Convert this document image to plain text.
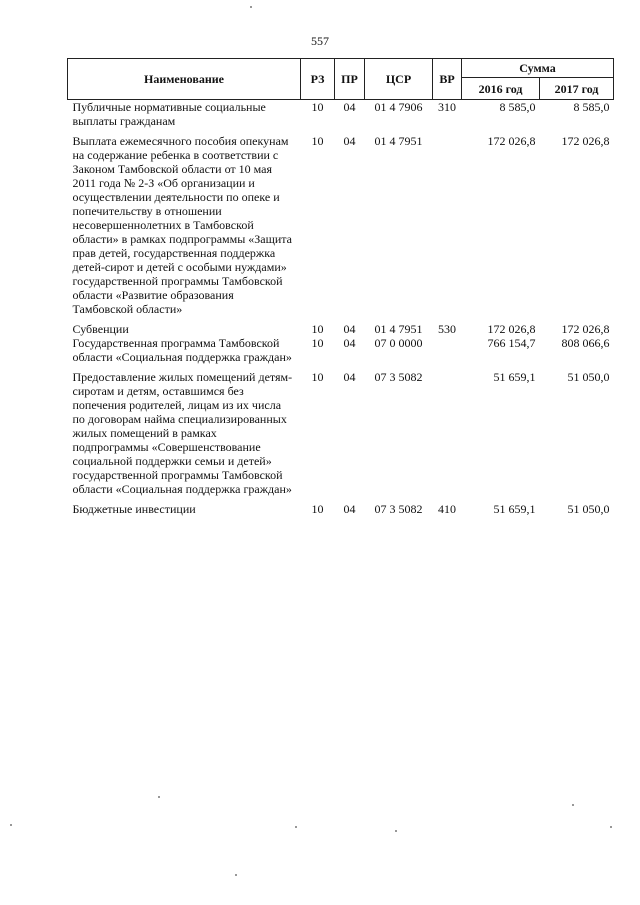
557
Наименование	РЗ	ПР	ЦСР	ВР	Сумма	
					2016 год	2017 год
Публичные нормативные социальные выплаты гражданам	10	04	01 4 7906	310	8 585,0	8 585,0

Выплата ежемесячного пособия опекунам на содержание ребенка в соответствии с Законом Тамбовской области от 10 мая 2011 года № 2-З «Об организации и осуществлении деятельности по опеке и попечительству в отношении несовершеннолетних в Тамбовской области» в рамках подпрограммы «Защита прав детей, государственная поддержка детей-сирот и детей с особыми нуждами» государственной программы Тамбовской области «Развитие образования Тамбовской области»	10	04	01 4 7951		172 026,8	172 026,8

Субвенции	10	04	01 4 7951	530	172 026,8	172 026,8
Государственная программа Тамбовской области «Социальная поддержка граждан»	10	04	07 0 0000		766 154,7	808 066,6

Предоставление жилых помещений детям-сиротам и детям, оставшимся без попечения родителей, лицам из их числа по договорам найма специализированных жилых помещений в рамках подпрограммы «Совершенствование социальной поддержки семьи и детей» государственной программы Тамбовской области «Социальная поддержка граждан»	10	04	07 3 5082		51 659,1	51 050,0

Бюджетные инвестиции	10	04	07 3 5082	410	51 659,1	51 050,0
